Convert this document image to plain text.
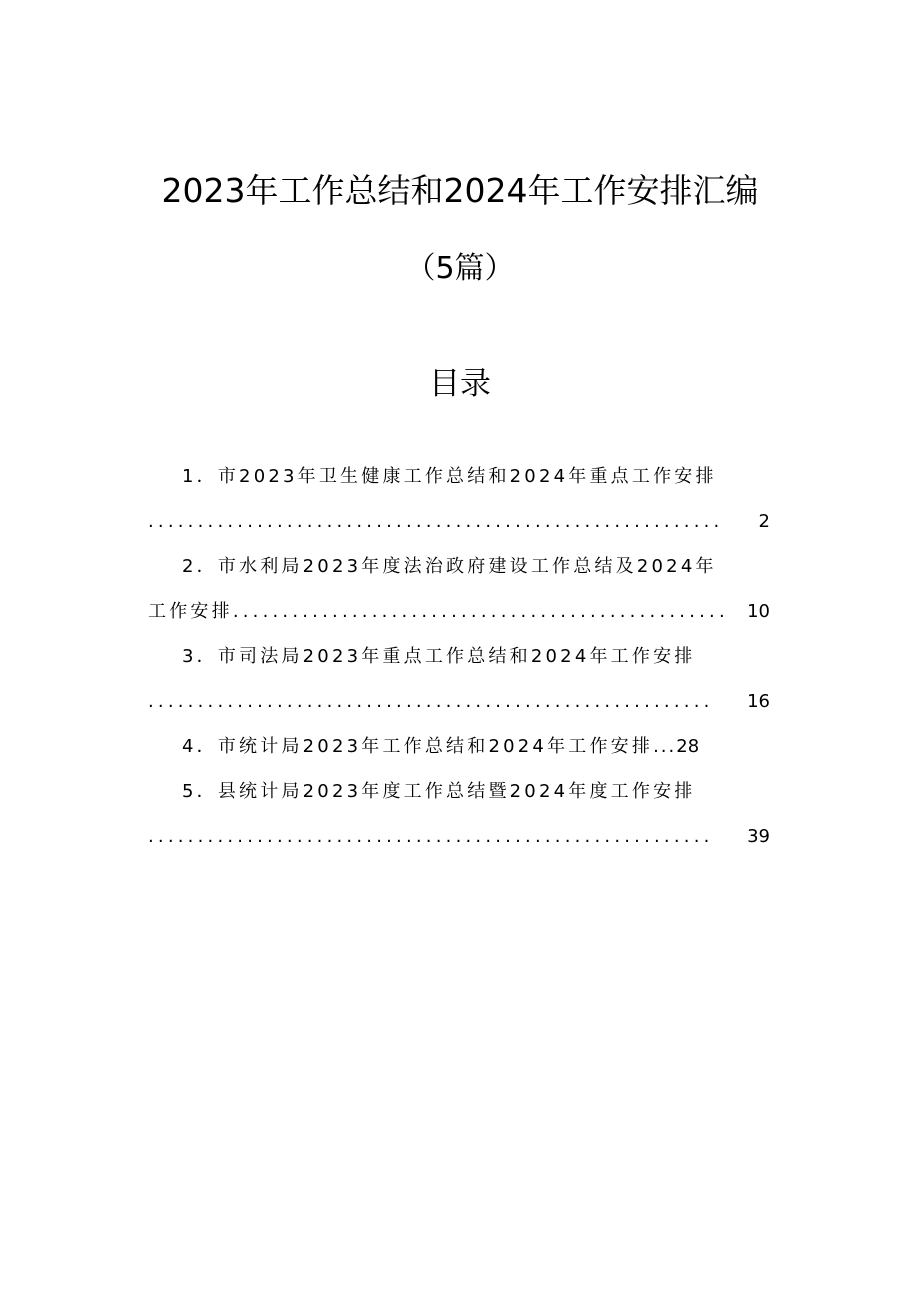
2023年工作总结和2024年工作安排汇编
（5篇）
目录
1．市2023年卫生健康工作总结和2024年重点工作安排
..........................................................	2
2．市水利局2023年度法治政府建设工作总结及2024年
工作安排 ..................................................	10
3．市司法局2023年重点工作总结和2024年工作安排
.........................................................	16
4．市统计局2023年工作总结和2024年工作安排 ... 28
5．县统计局2023年度工作总结暨2024年度工作安排
.........................................................	39
